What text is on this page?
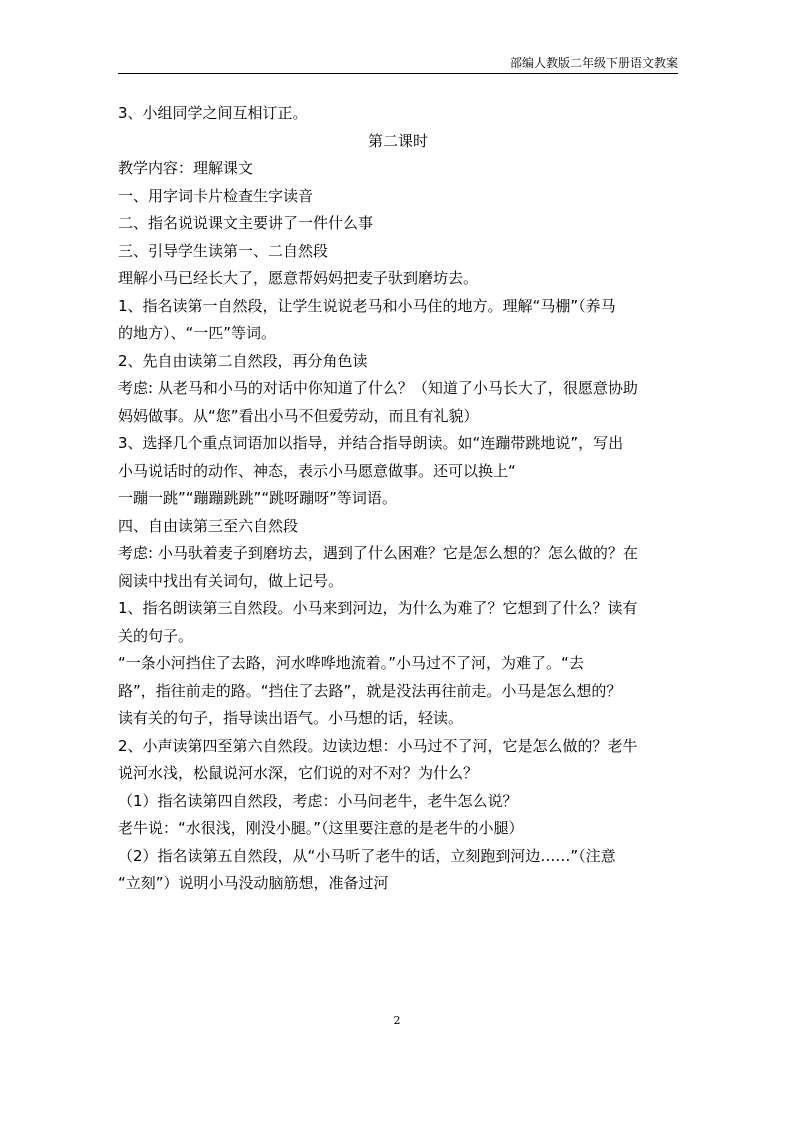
部编人教版二年级下册语文教案
3、小组同学之间互相订正。
第二课时
教学内容：理解课文
一、用字词卡片检查生字读音
二、指名说说课文主要讲了一件什么事
三、引导学生读第一、二自然段
理解小马已经长大了，愿意帮妈妈把麦子驮到磨坊去。
1、指名读第一自然段，让学生说说老马和小马住的地方。理解“马棚”（养马
的地方）、“一匹”等词。
2、先自由读第二自然段，再分角色读
考虑: 从老马和小马的对话中你知道了什么？（知道了小马长大了，很愿意协助
妈妈做事。从“您”看出小马不但爱劳动，而且有礼貌）
3、选择几个重点词语加以指导，并结合指导朗读。如“连蹦带跳地说”，写出
小马说话时的动作、神态，表示小马愿意做事。还可以换上“
一蹦一跳”“蹦蹦跳跳”“跳呀蹦呀”等词语。
四、自由读第三至六自然段
考虑: 小马驮着麦子到磨坊去，遇到了什么困难？它是怎么想的？怎么做的？在
阅读中找出有关词句，做上记号。
1、指名朗读第三自然段。小马来到河边，为什么为难了？它想到了什么？读有
关的句子。
“一条小河挡住了去路，河水哗哗地流着。”小马过不了河，为难了。“去
路”，指往前走的路。“挡住了去路”，就是没法再往前走。小马是怎么想的？
读有关的句子，指导读出语气。小马想的话，轻读。
2、小声读第四至第六自然段。边读边想：小马过不了河，它是怎么做的？老牛
说河水浅，松鼠说河水深，它们说的对不对？为什么？
（1）指名读第四自然段，考虑：小马问老牛，老牛怎么说？
老牛说：“水很浅，刚没小腿。”（这里要注意的是老牛的小腿）
（2）指名读第五自然段，从“小马听了老牛的话，立刻跑到河边……”（注意
“立刻”）说明小马没动脑筋想，准备过河
2
